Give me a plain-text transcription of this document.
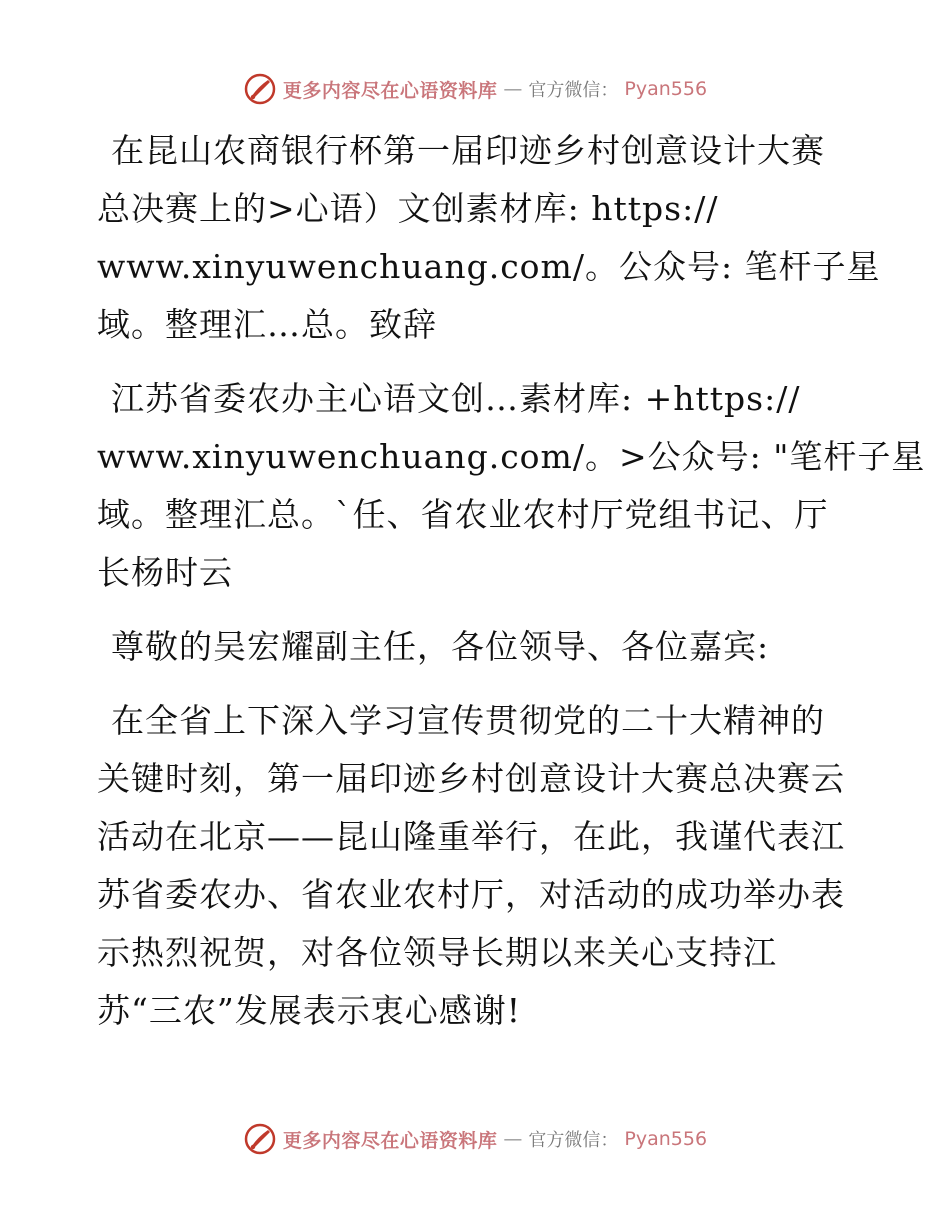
更多内容尽在心语资料库 — 官方微信： Pyan556
在昆山农商银行杯第一届印迹乡村创意设计大赛
总决赛上的>心语）文创素材库: https://
www.xinyuwenchuang.com/。公众号: 笔杆子星
域。整理汇…总。致辞
江苏省委农办主心语文创…素材库: +https://
www.xinyuwenchuang.com/。>公众号: "笔杆子星
域。整理汇总。`任、省农业农村厅党组书记、厅
长杨时云
尊敬的吴宏耀副主任，各位领导、各位嘉宾:
在全省上下深入学习宣传贯彻党的二十大精神的
关键时刻，第一届印迹乡村创意设计大赛总决赛云
活动在北京——昆山隆重举行，在此，我谨代表江
苏省委农办、省农业农村厅，对活动的成功举办表
示热烈祝贺，对各位领导长期以来关心支持江
苏“三农”发展表示衷心感谢!
更多内容尽在心语资料库 — 官方微信： Pyan556
